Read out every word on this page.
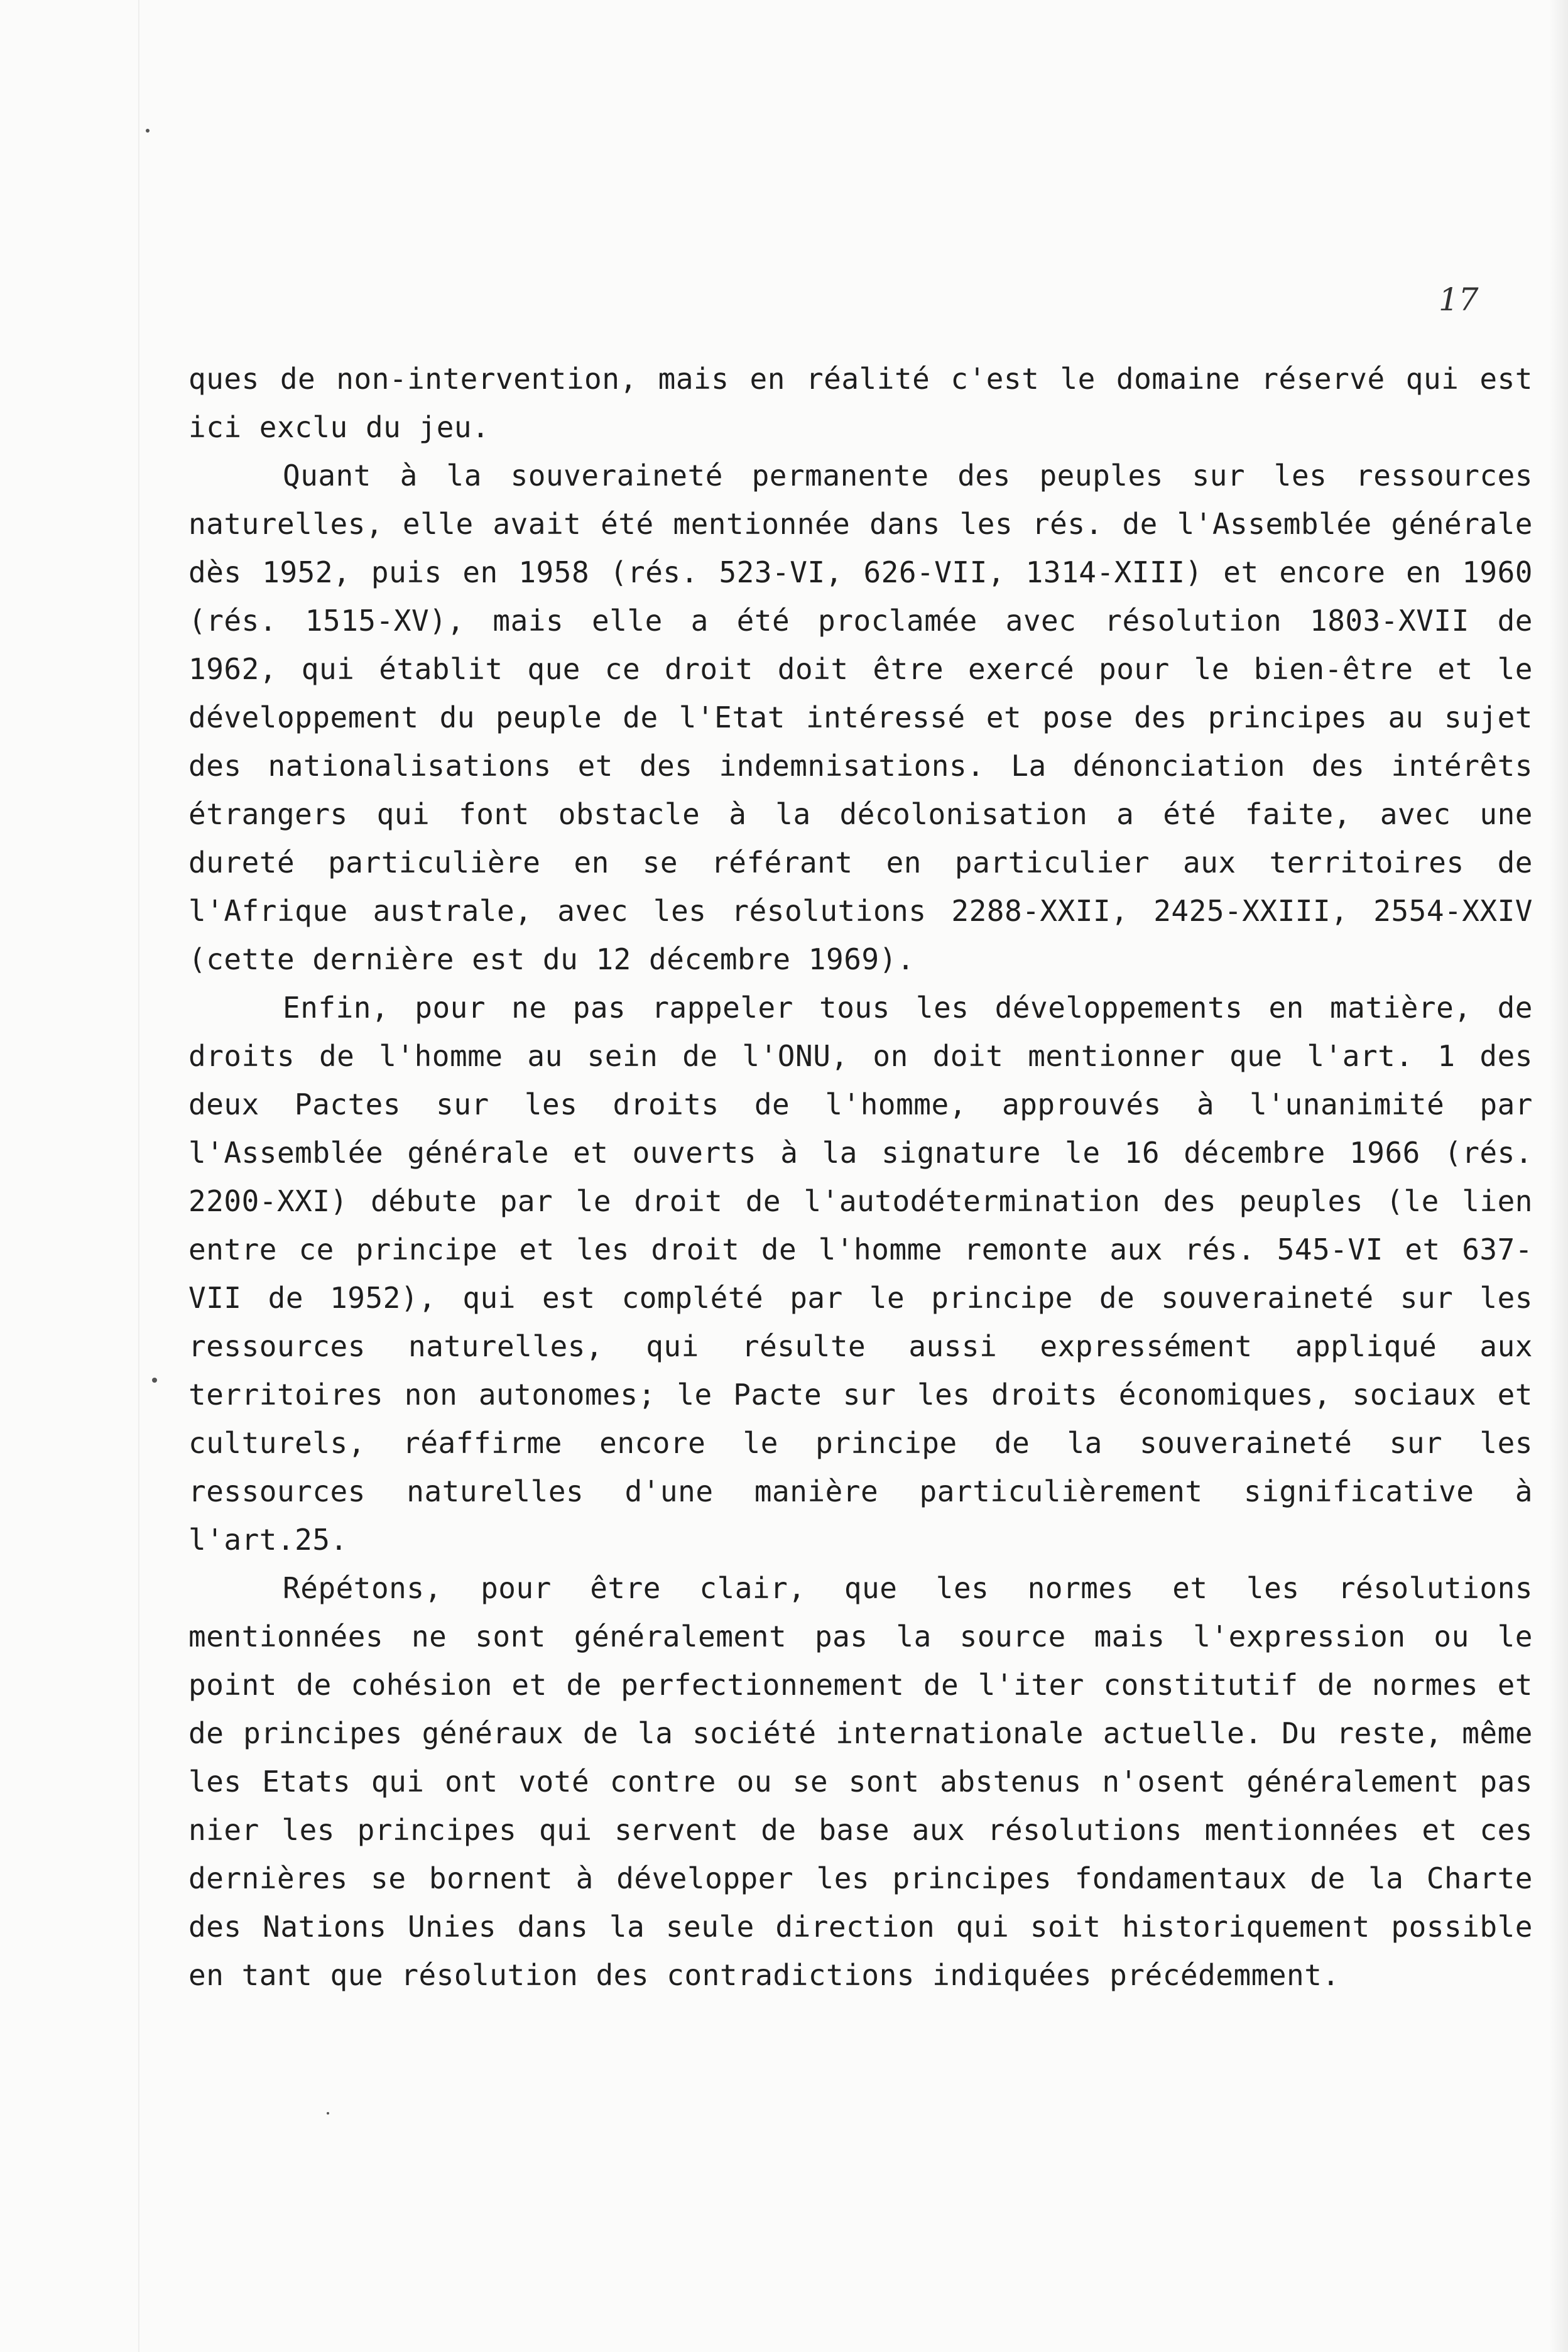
17

ques de non-intervention, mais en réalité c'est le domaine réservé qui est ici exclu du jeu.

Quant à la souveraineté permanente des peuples sur les ressources naturelles, elle avait été mentionnée dans les rés. de l'Assemblée générale dès 1952, puis en 1958 (rés. 523-VI, 626-VII, 1314-XIII) et encore en 1960 (rés. 1515-XV), mais elle a été proclamée avec résolution 1803-XVII de 1962, qui établit que ce droit doit être exercé pour le bien-être et le développement du peuple de l'Etat intéressé et pose des principes au sujet des nationalisations et des indemnisations. La dénonciation des intérêts étrangers qui font obstacle à la décolonisation a été faite, avec une dureté particulière en se référant en particulier aux territoires de l'Afrique australe, avec les résolutions 2288-XXII, 2425-XXIII, 2554-XXIV (cette dernière est du 12 décembre 1969).

Enfin, pour ne pas rappeler tous les développements en matière, de droits de l'homme au sein de l'ONU, on doit mentionner que l'art. 1 des deux Pactes sur les droits de l'homme, approuvés à l'unanimité par l'Assemblée générale et ouverts à la signature le 16 décembre 1966 (rés. 2200-XXI) débute par le droit de l'autodétermination des peuples (le lien entre ce principe et les droit de l'homme remonte aux rés. 545-VI et 637-VII de 1952), qui est complété par le principe de souveraineté sur les ressources naturelles, qui résulte aussi expressément appliqué aux territoires non autonomes; le Pacte sur les droits économiques, sociaux et culturels, réaffirme encore le principe de la souveraineté sur les ressources naturelles d'une manière particulièrement significative à l'art.25.

Répétons, pour être clair, que les normes et les résolutions mentionnées ne sont généralement pas la source mais l'expression ou le point de cohésion et de perfectionnement de l'iter constitutif de normes et de principes généraux de la société internationale actuelle. Du reste, même les Etats qui ont voté contre ou se sont abstenus n'osent généralement pas nier les principes qui servent de base aux résolutions mentionnées et ces dernières se bornent à développer les principes fondamentaux de la Charte des Nations Unies dans la seule direction qui soit historiquement possible en tant que résolution des contradictions indiquées précédemment.
